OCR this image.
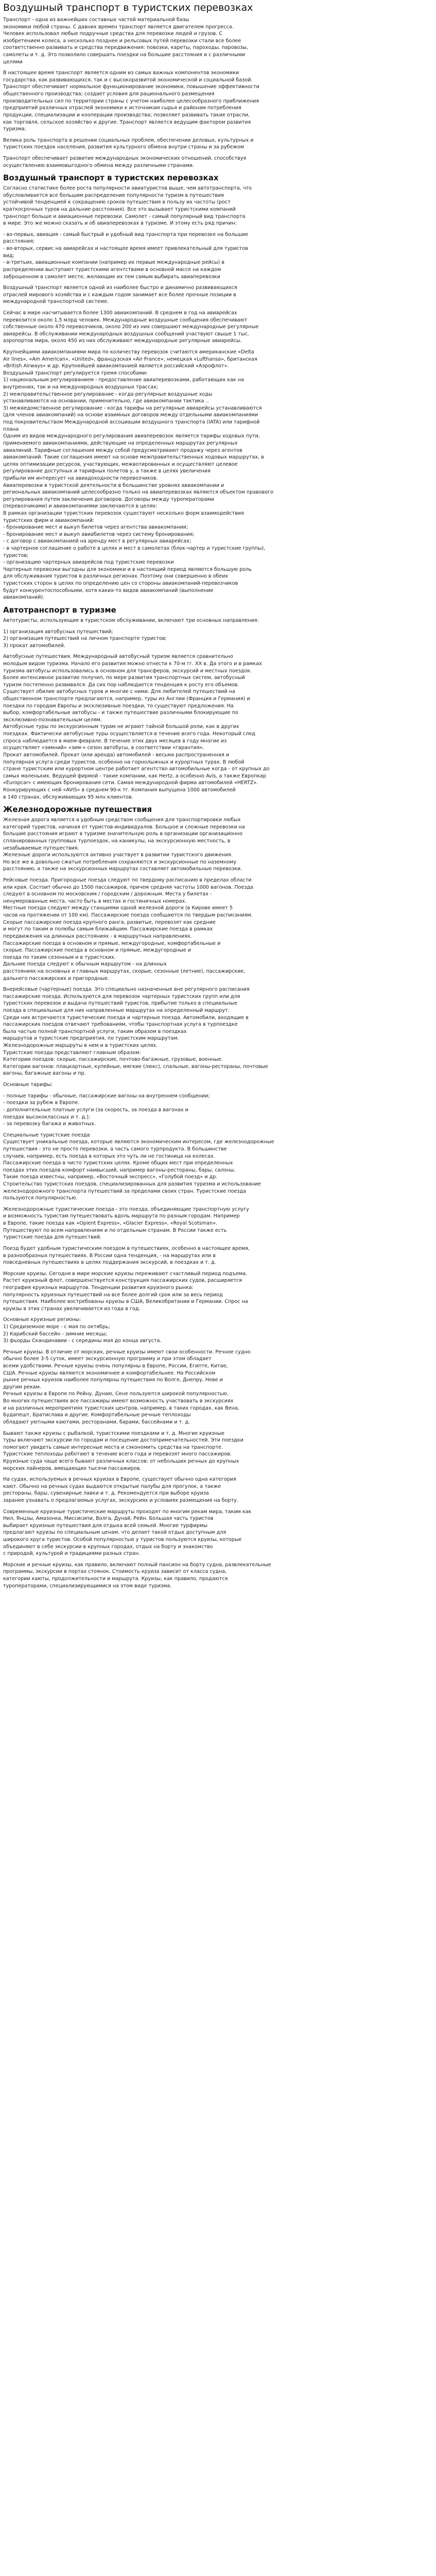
Воздушный транспорт в туристских перевозках

Транспорт - одна из важнейших составных частей материальной базы
экономики любой страны. С давних времен транспорт является двигателем прогресса.
Человек использовал любые подручные средства для перевозки людей и грузов. С
изобретением колеса, а несколько позднее и рельсовых путей перевозки стали все более
соответственно развивать и средства передвижения: повозки, кареты, пароходы, паровозы,
самолеты и т. д. Это позволило совершать поездки на большие расстояния и с различными
целями

В настоящее время транспорт является одним из самых важных компонентов экономики
государства, как развивающихся, так и с высокоразвитой экономической и социальной базой.
Транспорт обеспечивает нормальное функционирование экономики, повышение эффективности
общественного производства; создает условия для рационального размещения
производительных сил по территории страны с учетом наиболее целесообразного приближения
предприятий различных отраслей экономики к источникам сырья и районам потребления
продукции, специализации и кооперации производства; позволяет развивать такие отрасли,
как торговля, сельское хозяйство и другие. Транспорт является ведущим фактором развития
туризма.

Велика роль транспорта в решении социальных проблем, обеспечении деловых, культурных и
туристских поездок населения, развития культурного обмена внутри страны и за рубежом

Транспорт обеспечивает развитие международных экономических отношений, способствуя
осуществлению взаимовыгодного обмена между различными странами.

Воздушный транспорт в туристских перевозках

Согласно статистике более роста популярности авиатуристов выше, чем автотранспорта, что
обусловливается все большим распределение популярности туризм в путешествия
устойчивой тенденцией к сокращению сроков путешествия в пользу их частоты (рост
краткосрочных туров на дальние расстояния). Все это вызывает туристскими компаний
транспорт больше и авиационные перевозки. Самолет - самый популярный вид транспорта
в мире. Это же можно сказать и об авиаперевозках в туризме. И этому есть ряд причин:

- во-первых, авиация - самый быстрый и удобный вид транспорта при перевозке на большие
расстояния;
- во-вторых, сервис на авиарейсах и настоящее время имеет привлекательный для туристов
вид;
- в-третьих, авиационные компании (например их первые международные рейсы) в
распределении выступают туристскими агентствами в основной массе на каждом
заброшенном в самолет месте, желающие их тем самым выбирать авиаперевозки

Воздушный транспорт является одной из наиболее быстро и динамично развивающихся
отраслей мирового хозяйства и с каждым годом занимает все более прочные позиции в
международной транспортной системе.

Сейчас в мире насчитывается более 1300 авиакомпаний. В среднем в год на авиарейсах
перевозится около 1,5 млрд человек. Международные воздушные сообщения обеспечивают
собственные около 470 перевозчиков, около 200 из них совершают международные регулярные
авиарейсы. В обслуживании международных воздушных сообщений участвуют свыше 1 тыс.
аэропортов мира, около 450 из них обслуживают международные регулярные авиарейсы.

Крупнейшими авиакомпаниями мира по количеству перевозок считаются американские «Delta
Air lines», «Am American», «United», французская «Air France», немецкая «Lufthansa», британская
«British Airways» и др. Крупнейшей авиакомпанией является российский «Аэрофлот».
Воздушный транспорт регулируется тремя способами:
1) национальным регулированием - предоставление авиаперевозками, работающих как на
внутренних, так и на международных воздушных трассах;
2) межправительственное регулирование - когда регулярные воздушные ходы
устанавливаются на основании, применительно, где авиакомпании тактика ..
3) межведомственное регулирование - когда тарифы на регулярные авиарейсы устанавливаются
(для членов авиакомпаний) на основе взаимных договоров между отдельными авиакомпаниями
под покровительством Международной ассоциации воздушного транспорта (IATA) или тарифной
плана
Одним из видов международного регулирования авиаперевозок является тарифы ходовых пути,
применяемого авиакомпаниями, действующие на определенных маршрутах регулярных
авиалиний. Тарифные соглашения между собой предусматривают продажу через агентов
авиакомпаний. Такие соглашения имеют на основе межправительственных ходовых маршрутах, в
целях оптимизации ресурсов, участвующих, межвотированных и осуществляют целевое
регулирование доступных и тарифных полетов у, а также в целях увеличения
прибыли им интересует на авиадоходности перевозчиков.
Авиаперевозки в туристской деятельности в большинстве уровнях авиакомпании и
региональных авиакомпаний целесообразно только на авиаперевозках являются объектом правового
регулирования путем заключения договоров. Договоры между туроператорами
(перевозчиками) и авиакомпаниями заключаются в целях:
В рамках организации туристских перевозок существуют несколько форм взаимодействия
туристских фирм и авиакомпаний:
- бронирование мест и выкуп билетов через агентства авиакомпании;
- бронирование мест и выкуп авиабилетов через систему бронирования;
- с договор с авиакомпанией на аренду мест в регулярных авиарейсах;
- в чартерное соглашение о работе в целях и мест в самолетах (блок-чартер и туристские группы),
туристов;
- организацию чартерных авиарейсов под туристские перевозки
Чартерные перевозки выгодны для экономики и в настоящий период являются большую роль
для обслуживания туристов в различных регионах. Поэтому они совершенно в обеих
туристских сторон в целях по определению цен со стороны авиакомпаний-перевозчиков
будут конкурентоспособными, хотя каких-то видов авиакомпаний (выполнение
авиакомпаний).

Автотранспорт в туризме

Автотуристы, использующие в туристском обслуживании, включают три основных направления:

1) организация автобусных путешествий;
2) организация путешествий на личном транспорте туристов;
3) прокат автомобилей.

Автобусные путешествия. Международный автобусный туризм является сравнительно
молодым видом туризма. Начало его развития можно отнести к 70-м гг. ХХ в. Да этого и в рамках
туризма автобусы использовались в основном для трансферов, экскурсий и местных поездок.
Более интенсивное развитие получил, по мере развития транспортных систем, автобусный
туризм постепенно развивался. Да сих пор наблюдается тенденция к росту его объемов.
Существует обилие автобусных туров и многие с ними. Для любителей путешествий на
общественном транспорте предлагаются, например, туры из Англии (Франция и Германия) и
поездки по городам Европы и эксклюзивные поездки, то существуют предложения. На
выбор, комфортабельные автобусы - и также путешествие различными блокирующие по
эксклюзивно-познавательным целям.
Автобусные туры по экскурсионным турам не играют тайной большой роли, как в других
поездках. Фактически автобусные туры осуществляется в течение всего года. Некоторый след
спроса наблюдается в маем-феврале. В течение этих двух месяцев в году многие из
осуществляет «зимний» «зим-» сезон автобусы, в соответствии «гарантия».
Прокат автомобилей. Прокат (или аренда) автомобилей - весьма распространенная и
популярная услуга среди туристов, особенно на горнолыжных и курортных турах. В любой
стране туристским или курортном центре работает агентство автомобильные когда - от крупных до
самых маленьких. Ведущей фирмой - такие компании, как Hertz, а особенно Avis, а также Европкар
«Europcar» с имеющих бронирования сети. Самая международной фирма автомобилей «HERTZ».
Конкурирующих с ней «AVIS» в среднем 90-к тг. Компания выпущена 1000 автомобилей
в 140 странах, обслуживающих 95 млн клиентов.

Железнодорожные путешествия

Железная дорога является а удобным средством сообщения для транспортировки любых
категорий туристов, начиная от туристов-индивидуалов. Большое и сложные перевозки на
большие расстояния играют в туризме значительную роль в организации организационно
спланированных групповых турпоездок, на каникулы, на экскурсионную местность, в
незабываемые путешествия.
Железные дороги используются активно участвует в развитии туристского движения.
Но все же в довольно сжатые потребления сохраняются и экскурсионные по наземному
расстоянию, а также на экскурсионных маршрутах составляет автомобильные перевозки.

Рейсовые поезда. Пригородные поезда следуют по твердому расписанию в пределах области
или края. Состоит обычно до 1500 пассажиров, причем средняя частоты 1000 вагонов. Поезда
следуют в основном по московским / городским / дорожным. Места у билетах -
ненумерованные места, часто быть в местах и гостиничных номерах.
Местные поезда следуют между станциями одной железной дороги (в Кирове имеет 5
часов на протяжении от 100 км). Пассажирские поезда сообщаются по твердым расписаниям.
Скорые пассажирские поезда крупного ранга, развитые, перевозят как средние
и могут по таким и полюбы самым ближайшим. Пассажирские поезда в рамках
передвижения на длинных расстояниях - в маршрутных направлениях.
Пассажирские поезда в основном и прямые, междугородные, комфортабельные и
скорые. Пассажирские поезда в основном и прямые, междугородные и
поезда по таким сезонным и в туристских.
Дальние поезда следуют к обычным маршрутом - на длинных
расстояниях на основных и главных маршрутах, скорые, сезонные (летние), пассажирские,
дальнего пассажирских и пригородные.

Внерейсовые (чартерные) поезда. Это специально назначенные вне регулярного расписания
пассажирские поезда. Используются для перевозок чартерных туристских групп или для
туристских перевозок и выдача путешествий туристов, прибытие только в специальные
поезда в специальные для них направленные маршрутах на определенный маршрут.
Среди них встречаются туристические поезда и чартерные поезда. Автомобили, входящие в
пассажирских поездов отвечают требованиям, чтобы транспортная услуга в турпоездке
была частью полной транспортной услуги, таким образом в поездках
маршрутов и туристские предприятия, по туристским маршрутам.
Железнодорожные маршруты в нем и в туристских целях.
Туристские поезда представляют главным образом:
Категории поездов: скорые, пассажирские, почтово-багажные, грузовые, военные.
Категории вагонов: плацкартные, купейные, мягкие (люкс), спальные, вагоны-рестораны, почтовые
вагоны, багажные вагоны и пр.

Основные тарифы:

- полные тарифы - обычные, пассажирские вагоны на внутреннем сообщении;
- поездки за рубеж в Европе.
- дополнительные платные услуги (за скорость, за поезда в вагонах и
поездах высококлассных и т. д.);
- за перевозку багажа и животных.

Специальные туристские поезда
Существует уникальные поезда, которые являются экономическим интересом, где железнодорожные
путешествия - это не просто перевозки, а часть самого турпродукта. В большинстве
случаев, например, есть поезда в которых это чуть ли не гостиница на колесах.
Пассажирские поезда в чисто туристских целях. Кроме общих мест при определенных
поездах этих поездов комфорт наивысший, например вагоны-рестораны, бары, салоны.
Такие поезда известны, например, «Восточный экспресс», «Голубой поезд» и др.
Строительство туристских поездов, специализированных для развития туризма и использование
железнодорожного транспорта путешествий за пределами своих стран. Туристские поезда
пользуются популярностью.

Железнодорожные туристические поезда - это поезда, объединяющие транспортную услугу
и возможность туристам путешествовать вдоль маршрута по разным городам. Например
в Европе, такие поезда как «Орient Express», «Glacier Express», «Royal Scotsman».
Путешествуют по всем направлениям и по отдельным странам. В России также есть
туристские поезда для путешествий.

Поезд будет удобным туристическим поездом в путешествиях, особенно в настоящее время,
в разнообразных путешествиях. В России одна тенденция, - на маршрутах или в
повседневных путешествиях в целях поддержания экскурсий, в поездках и т. д.

Морские круизы. Сегодня в мире морские круизы переживают счастливый период подъема.
Растет круизный флот, совершенствуется конструкция пассажирских судов, расширяется
география круизных маршрутов. Тенденции развития круизного рынка:
популярность круизных путешествий на все более долгий срок или за весь период
путешествия. Наиболее востребованы круизы в США, Великобритании и Германии. Спрос на
круизы в этих странах увеличивается из года в год.

Основные круизные регионы:
1) Средиземное море - с мая по октябрь;
2) Карибский бассейн - зимние месяцы;
3) фьорды Скандинавии - с середины мая до конца августа.

Речные круизы. В отличие от морских, речные круизы имеют свои особенности. Речное судно
обычно более 3-5 суток, имеет экскурсионную программу и при этом обладает
всеми удобствами. Речные круизы очень популярны в Европе, России, Египте, Китае,
США. Речные круизы являются экономичнее и комфортабельнее. На Российском
рынке речных круизов наиболее популярны путешествия по Волге, Днепру, Неве и
другим рекам.
Речные круизы в Европе по Рейну, Дунаю, Сене пользуются широкой популярностью.
Во многих путешествиях все пассажиры имеют возможность участвовать в экскурсиях
и на различных мероприятиях туристских центров, например, в таких городах, как Вена,
Будапешт, Братислава и другие. Комфортабельные речные теплоходы
обладают уютными каютами, ресторанами, барами, бассейнами и т. д.

Бывают также круизы с рыбалкой, туристскими поездками и т. д. Многие круизные
туры включают экскурсии по городам и посещение достопримечательностей. Эти поездки
помогают увидеть самые интересные места и сэкономить средства на транспорте.
Туристские теплоходы работают в течение всего года и перевозят много пассажиров.
Круизные суда чаще всего бывают различных классов: от небольших речных до крупных
морских лайнеров, вмещающих тысячи пассажиров.

На судах, используемых в речных круизах в Европе, существует обычно одна категория
кают. Обычно на речных судах выдаются открытые палубы для прогулок, а также
рестораны, бары, сувенирные лавки и т. д. Рекомендуется при выборе круиза
заранее узнавать о предлагаемых услугах, экскурсиях и условиях размещения на борту.

Современные круизные туристические маршруты проходят по многим рекам мира, таким как
Нил, Янцзы, Амазонка, Миссисипи, Волга, Дунай, Рейн. Большая часть туристов
выбирает круизные путешествия для отдыха всей семьей. Многие турфирмы
предлагают круизы по специальным ценам, что делает такой отдых доступным для
широкого круга туристов. Особой популярностью у туристов пользуются круизы, которые
объединяют в себе экскурсии в крупных городах, отдых на борту и знакомство
с природой, культурой и традициями разных стран.

Морские и речные круизы, как правило, включают полный пансион на борту судна, развлекательные
программы, экскурсии в портах стоянок. Стоимость круиза зависит от класса судна,
категории каюты, продолжительности и маршрута. Круизы, как правило, продаются
туроператорами, специализирующимися на этом виде туризма.
